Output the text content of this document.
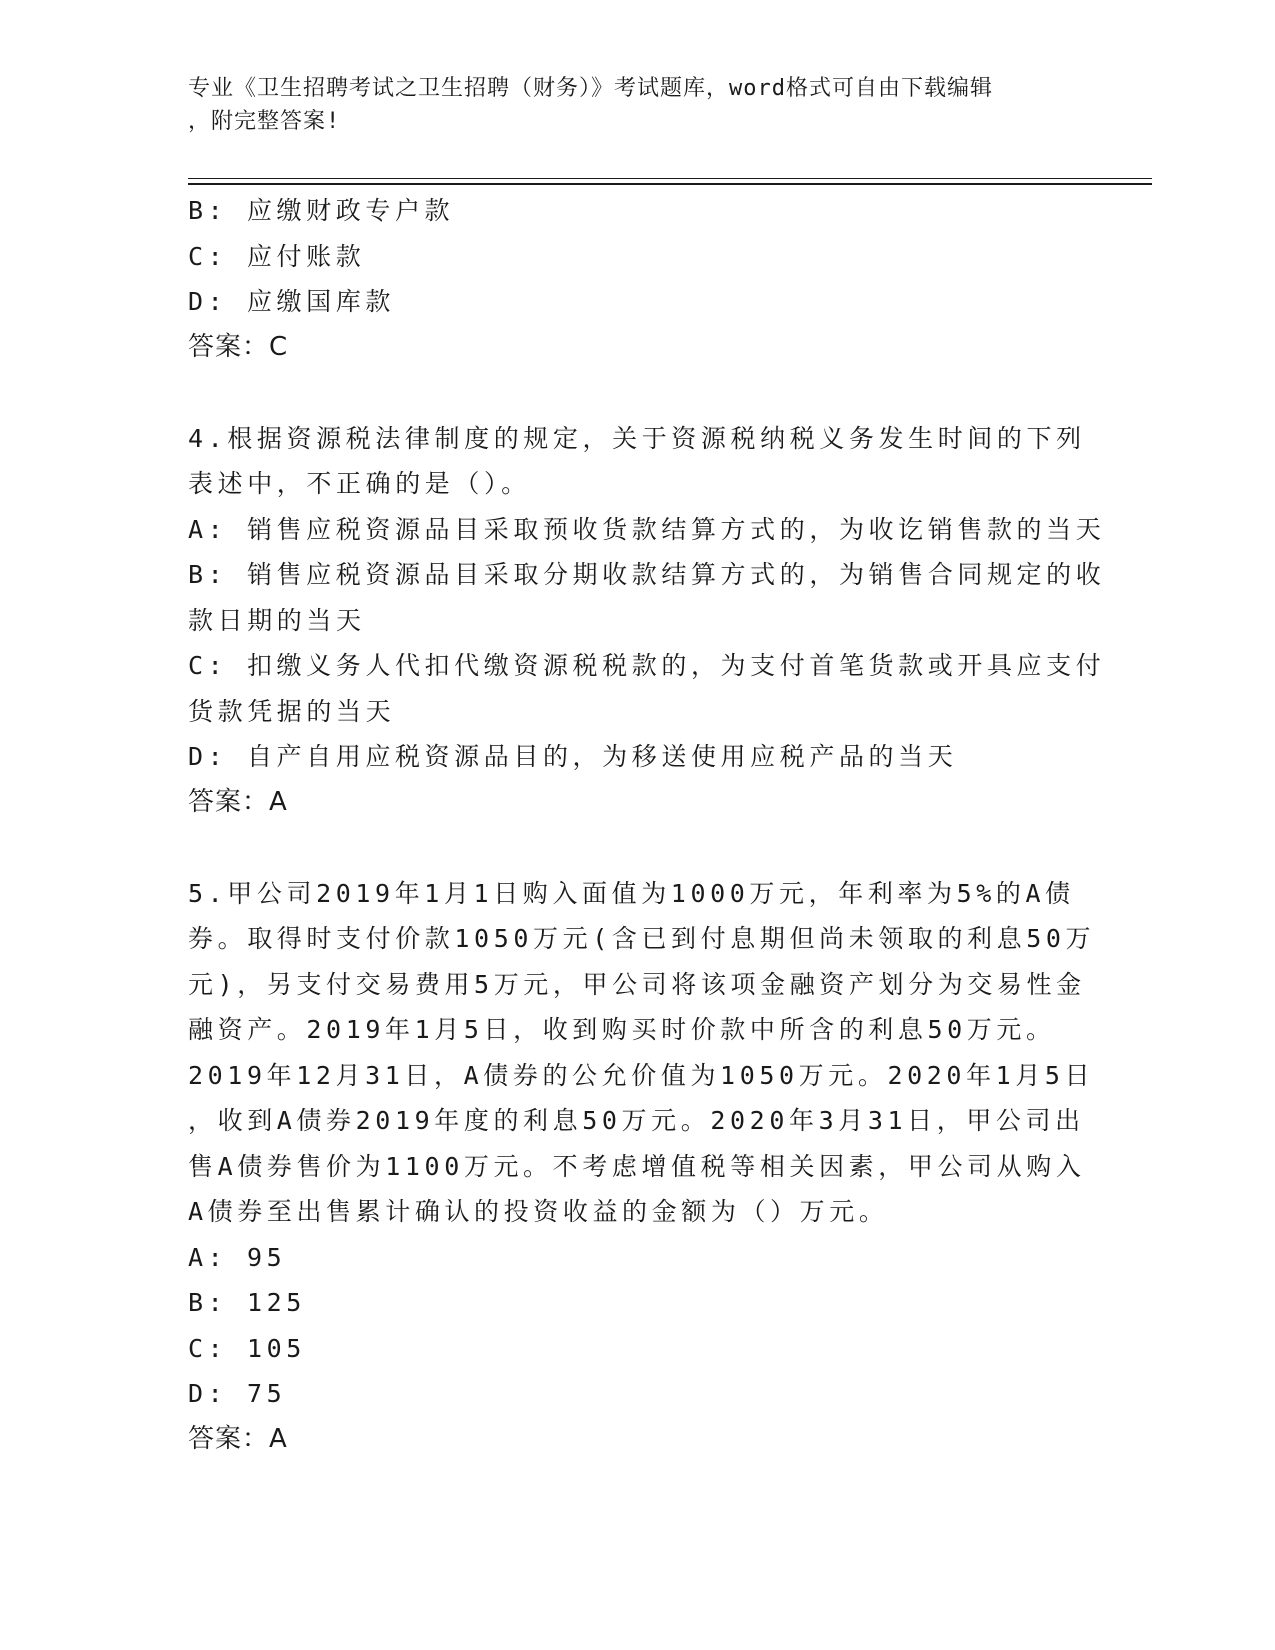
专业《卫生招聘考试之卫生招聘（财务）》考试题库，word格式可自由下载编辑
，附完整答案!
B: 应缴财政专户款
C: 应付账款
D: 应缴国库款
答案：C
4.根据资源税法律制度的规定，关于资源税纳税义务发生时间的下列
表述中，不正确的是（）。
A: 销售应税资源品目采取预收货款结算方式的，为收讫销售款的当天
B: 销售应税资源品目采取分期收款结算方式的，为销售合同规定的收
款日期的当天
C: 扣缴义务人代扣代缴资源税税款的，为支付首笔货款或开具应支付
货款凭据的当天
D: 自产自用应税资源品目的，为移送使用应税产品的当天
答案：A
5.甲公司2019年1月1日购入面值为1000万元，年利率为5%的A债
券。取得时支付价款1050万元(含已到付息期但尚未领取的利息50万
元)，另支付交易费用5万元，甲公司将该项金融资产划分为交易性金
融资产。2019年1月5日，收到购买时价款中所含的利息50万元。
2019年12月31日，A债券的公允价值为1050万元。2020年1月5日
，收到A债券2019年度的利息50万元。2020年3月31日，甲公司出
售A债券售价为1100万元。不考虑增值税等相关因素，甲公司从购入
A债券至出售累计确认的投资收益的金额为（）万元。
A: 95
B: 125
C: 105
D: 75
答案：A
